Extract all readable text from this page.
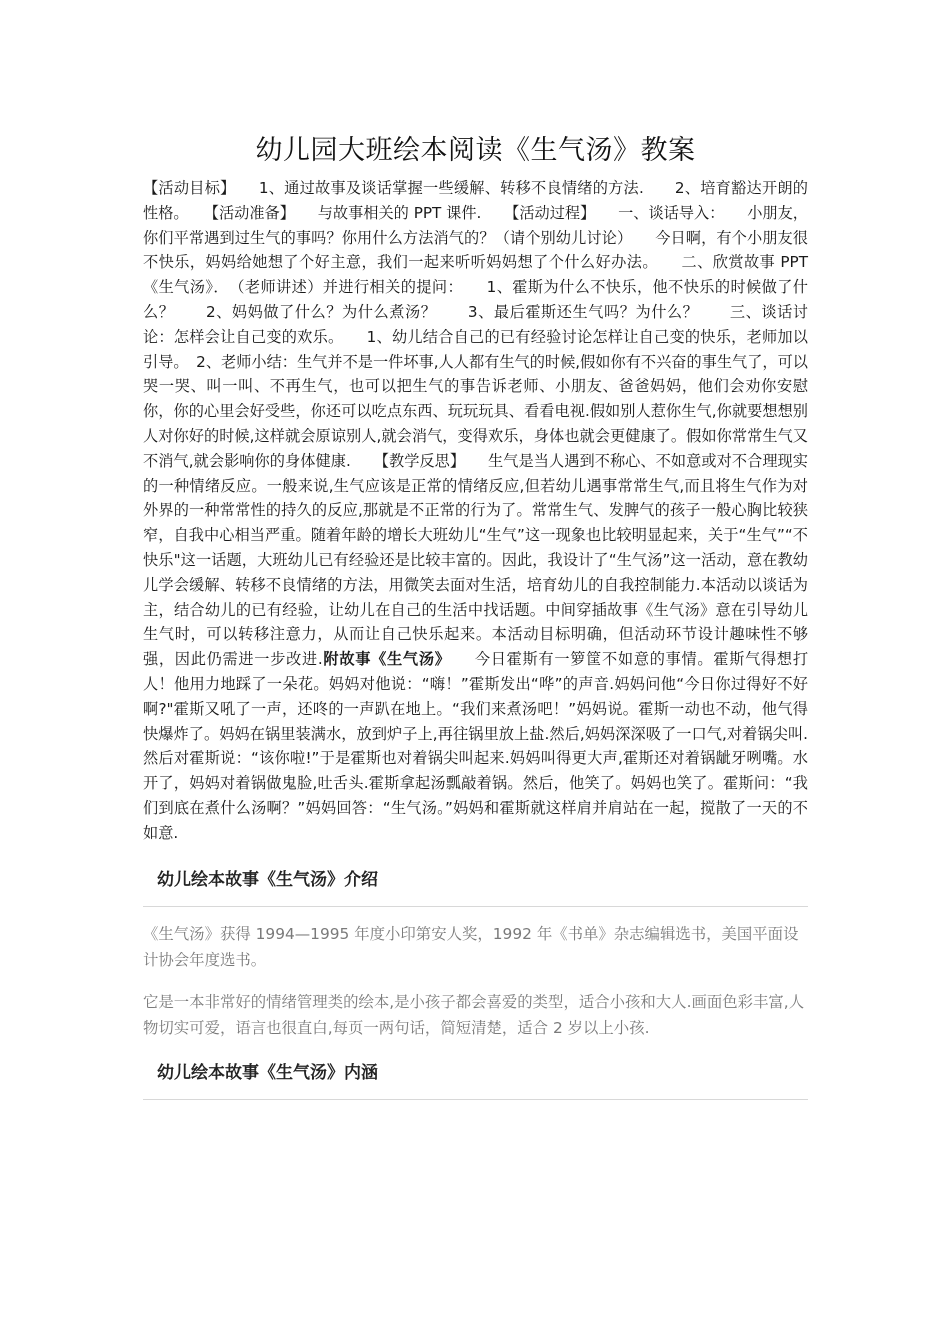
幼儿园大班绘本阅读《生气汤》教案

【活动目标】　　1、通过故事及谈话掌握一些缓解、转移不良情绪的方法.　　2、培育豁达开朗的性格。　　【活动准备】　　与故事相关的 PPT 课件.　　【活动过程】　　一、谈话导入：　　小朋友，你们平常遇到过生气的事吗？你用什么方法消气的？（请个别幼儿讨论）　　今日啊，有个小朋友很不快乐，妈妈给她想了个好主意，我们一起来听听妈妈想了个什么好办法。　　二、欣赏故事 PPT《生气汤》．　（老师讲述）并进行相关的提问：　　1、霍斯为什么不快乐，他不快乐的时候做了什么？　　2、妈妈做了什么？为什么煮汤？　　3、最后霍斯还生气吗？为什么？　　三、谈话讨论：怎样会让自己变的欢乐。　　1、幼儿结合自己的已有经验讨论怎样让自己变的快乐，老师加以引导。　2、老师小结：生气并不是一件坏事,人人都有生气的时候,假如你有不兴奋的事生气了，可以哭一哭、叫一叫、不再生气，也可以把生气的事告诉老师、小朋友、爸爸妈妈，他们会劝你安慰你，你的心里会好受些，你还可以吃点东西、玩玩玩具、看看电视.假如别人惹你生气,你就要想想别人对你好的时候,这样就会原谅别人,就会消气，变得欢乐，身体也就会更健康了。假如你常常生气又不消气,就会影响你的身体健康.　　【教学反思】　　生气是当人遇到不称心、不如意或对不合理现实的一种情绪反应。一般来说,生气应该是正常的情绪反应,但若幼儿遇事常常生气,而且将生气作为对外界的一种常常性的持久的反应,那就是不正常的行为了。常常生气、发脾气的孩子一般心胸比较狭窄，自我中心相当严重。随着年龄的增长大班幼儿“生气”这一现象也比较明显起来，关于“生气”“不快乐"这一话题，大班幼儿已有经验还是比较丰富的。因此，我设计了“生气汤”这一活动，意在教幼儿学会缓解、转移不良情绪的方法，用微笑去面对生活，培育幼儿的自我控制能力.本活动以谈话为主，结合幼儿的已有经验，让幼儿在自己的生活中找话题。中间穿插故事《生气汤》意在引导幼儿生气时，可以转移注意力，从而让自己快乐起来。本活动目标明确，但活动环节设计趣味性不够强，因此仍需进一步改进.附故事《生气汤》　　今日霍斯有一箩筐不如意的事情。霍斯气得想打人！他用力地踩了一朵花。妈妈对他说：“嗨！”霍斯发出“哗”的声音.妈妈问他“今日你过得好不好啊?"霍斯又吼了一声，还咚的一声趴在地上。“我们来煮汤吧！”妈妈说。霍斯一动也不动，他气得快爆炸了。妈妈在锅里装满水，放到炉子上,再往锅里放上盐.然后,妈妈深深吸了一口气,对着锅尖叫.然后对霍斯说：“该你啦!”于是霍斯也对着锅尖叫起来.妈妈叫得更大声,霍斯还对着锅龇牙咧嘴。水开了，妈妈对着锅做鬼脸,吐舌头.霍斯拿起汤瓢敲着锅。然后，他笑了。妈妈也笑了。霍斯问：“我们到底在煮什么汤啊？”妈妈回答：“生气汤。”妈妈和霍斯就这样肩并肩站在一起，搅散了一天的不如意.

幼儿绘本故事《生气汤》介绍

《生气汤》获得 1994—1995 年度小印第安人奖，1992 年《书单》杂志编辑选书，美国平面设计协会年度选书。

它是一本非常好的情绪管理类的绘本,是小孩子都会喜爱的类型，适合小孩和大人.画面色彩丰富,人物切实可爱，语言也很直白,每页一两句话，简短清楚，适合 2 岁以上小孩.

幼儿绘本故事《生气汤》内涵
